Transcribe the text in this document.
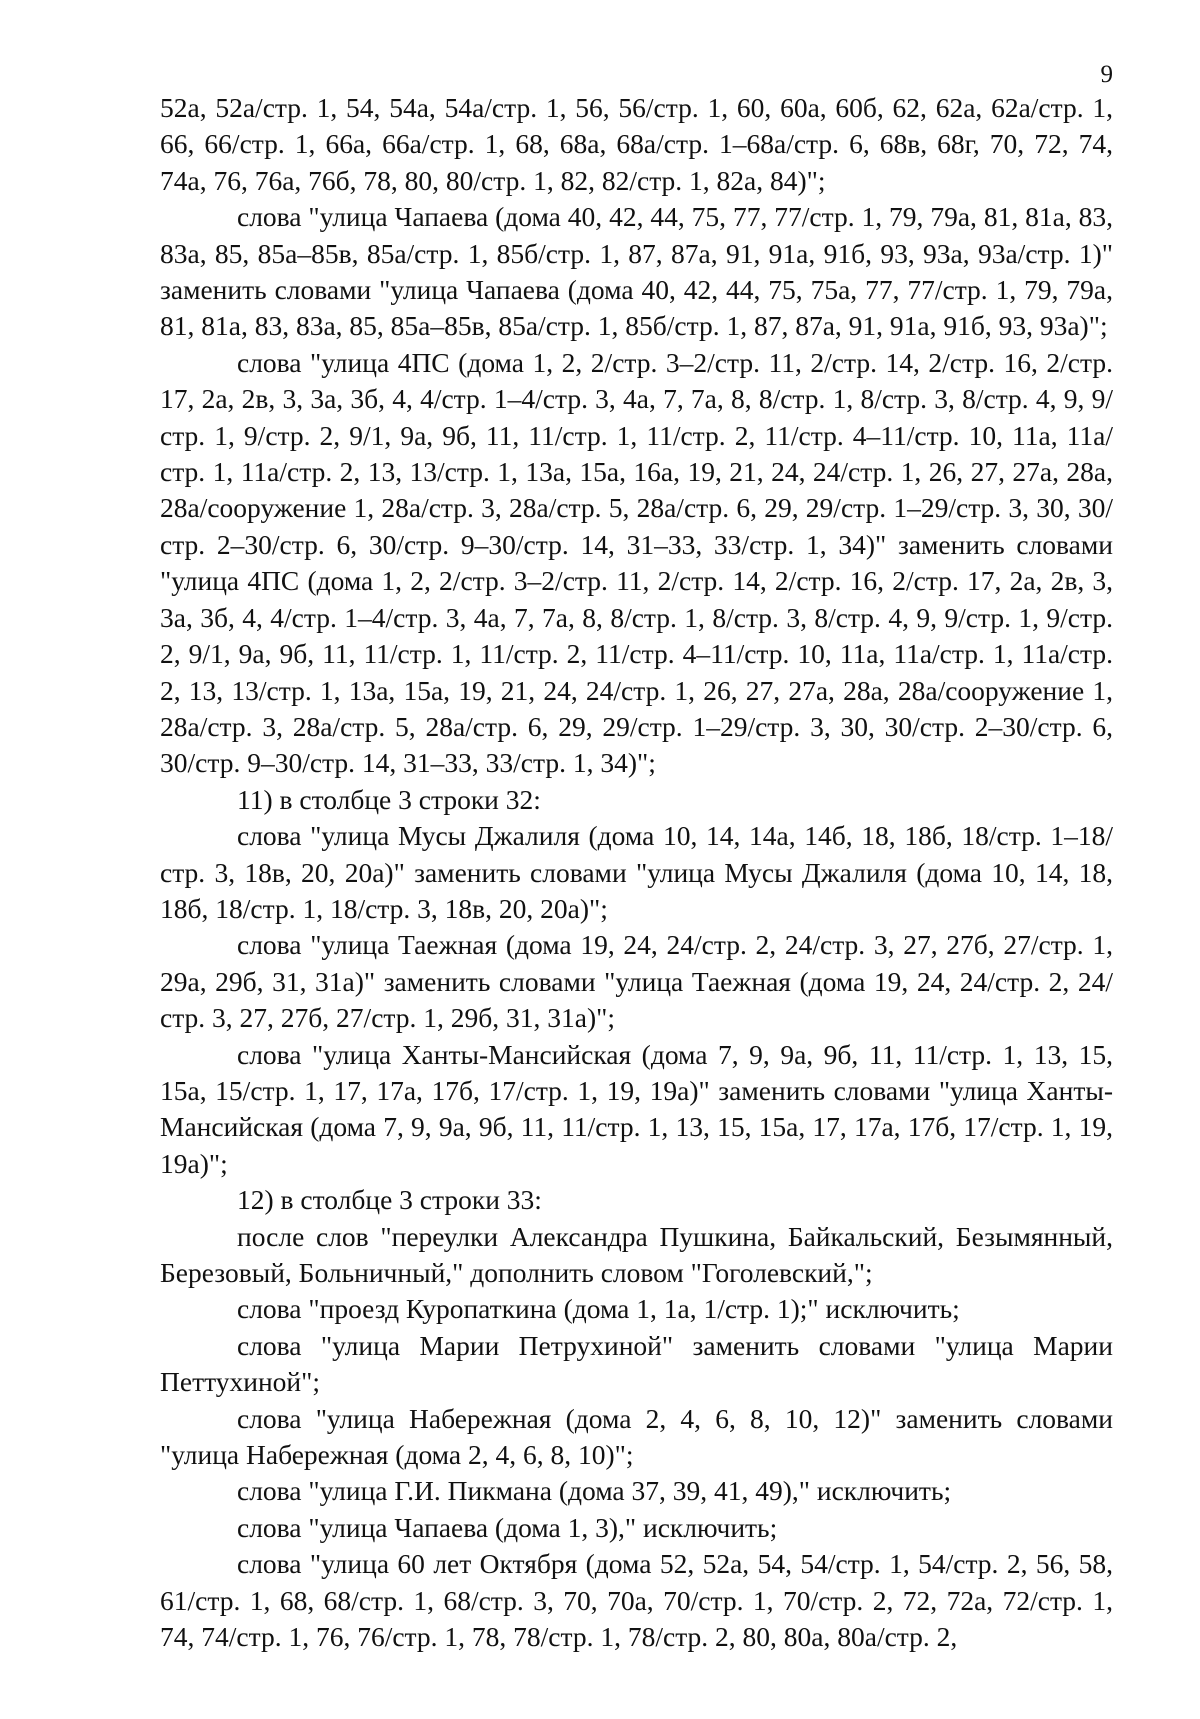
9

52а, 52а/стр. 1, 54, 54а, 54а/стр. 1, 56, 56/стр. 1, 60, 60а, 60б, 62, 62а, 62а/стр. 1, 66, 66/стр. 1, 66а, 66а/стр. 1, 68, 68а, 68а/стр. 1–68а/стр. 6, 68в, 68г, 70, 72, 74, 74а, 76, 76а, 76б, 78, 80, 80/стр. 1, 82, 82/стр. 1, 82а, 84)";

слова "улица Чапаева (дома 40, 42, 44, 75, 77, 77/стр. 1, 79, 79а, 81, 81а, 83, 83а, 85, 85а–85в, 85а/стр. 1, 85б/стр. 1, 87, 87а, 91, 91а, 91б, 93, 93а, 93а/стр. 1)" заменить словами "улица Чапаева (дома 40, 42, 44, 75, 75а, 77, 77/стр. 1, 79, 79а, 81, 81а, 83, 83а, 85, 85а–85в, 85а/стр. 1, 85б/стр. 1, 87, 87а, 91, 91а, 91б, 93, 93а)";

слова "улица 4ПС (дома 1, 2, 2/стр. 3–2/стр. 11, 2/стр. 14, 2/стр. 16, 2/стр. 17, 2а, 2в, 3, 3а, 3б, 4, 4/стр. 1–4/стр. 3, 4а, 7, 7а, 8, 8/стр. 1, 8/стр. 3, 8/стр. 4, 9, 9/стр. 1, 9/стр. 2, 9/1, 9а, 9б, 11, 11/стр. 1, 11/стр. 2, 11/стр. 4–11/стр. 10, 11а, 11а/стр. 1, 11а/стр. 2, 13, 13/стр. 1, 13а, 15а, 16а, 19, 21, 24, 24/стр. 1, 26, 27, 27а, 28а, 28а/сооружение 1, 28а/стр. 3, 28а/стр. 5, 28а/стр. 6, 29, 29/стр. 1–29/стр. 3, 30, 30/стр. 2–30/стр. 6, 30/стр. 9–30/стр. 14, 31–33, 33/стр. 1, 34)" заменить словами "улица 4ПС (дома 1, 2, 2/стр. 3–2/стр. 11, 2/стр. 14, 2/стр. 16, 2/стр. 17, 2а, 2в, 3, 3а, 3б, 4, 4/стр. 1–4/стр. 3, 4а, 7, 7а, 8, 8/стр. 1, 8/стр. 3, 8/стр. 4, 9, 9/стр. 1, 9/стр. 2, 9/1, 9а, 9б, 11, 11/стр. 1, 11/стр. 2, 11/стр. 4–11/стр. 10, 11а, 11а/стр. 1, 11а/стр. 2, 13, 13/стр. 1, 13а, 15а, 19, 21, 24, 24/стр. 1, 26, 27, 27а, 28а, 28а/сооружение 1, 28а/стр. 3, 28а/стр. 5, 28а/стр. 6, 29, 29/стр. 1–29/стр. 3, 30, 30/стр. 2–30/стр. 6, 30/стр. 9–30/стр. 14, 31–33, 33/стр. 1, 34)";

11) в столбце 3 строки 32:

слова "улица Мусы Джалиля (дома 10, 14, 14а, 14б, 18, 18б, 18/стр. 1–18/стр. 3, 18в, 20, 20а)" заменить словами "улица Мусы Джалиля (дома 10, 14, 18, 18б, 18/стр. 1, 18/стр. 3, 18в, 20, 20а)";

слова "улица Таежная (дома 19, 24, 24/стр. 2, 24/стр. 3, 27, 27б, 27/стр. 1, 29а, 29б, 31, 31а)" заменить словами "улица Таежная (дома 19, 24, 24/стр. 2, 24/стр. 3, 27, 27б, 27/стр. 1, 29б, 31, 31а)";

слова "улица Ханты-Мансийская (дома 7, 9, 9а, 9б, 11, 11/стр. 1, 13, 15, 15а, 15/стр. 1, 17, 17а, 17б, 17/стр. 1, 19, 19а)" заменить словами "улица Ханты-Мансийская (дома 7, 9, 9а, 9б, 11, 11/стр. 1, 13, 15, 15а, 17, 17а, 17б, 17/стр. 1, 19, 19а)";

12) в столбце 3 строки 33:

после слов "переулки Александра Пушкина, Байкальский, Безымянный, Березовый, Больничный," дополнить словом "Гоголевский,";

слова "проезд Куропаткина (дома 1, 1а, 1/стр. 1);" исключить;

слова "улица Марии Петрухиной" заменить словами "улица Марии Петтухиной";

слова "улица Набережная (дома 2, 4, 6, 8, 10, 12)" заменить словами "улица Набережная (дома 2, 4, 6, 8, 10)";

слова "улица Г.И. Пикмана (дома 37, 39, 41, 49)," исключить;

слова "улица Чапаева (дома 1, 3)," исключить;

слова "улица 60 лет Октября (дома 52, 52а, 54, 54/стр. 1, 54/стр. 2, 56, 58, 61/стр. 1, 68, 68/стр. 1, 68/стр. 3, 70, 70а, 70/стр. 1, 70/стр. 2, 72, 72а, 72/стр. 1, 74, 74/стр. 1, 76, 76/стр. 1, 78, 78/стр. 1, 78/стр. 2, 80, 80а, 80а/стр. 2,
